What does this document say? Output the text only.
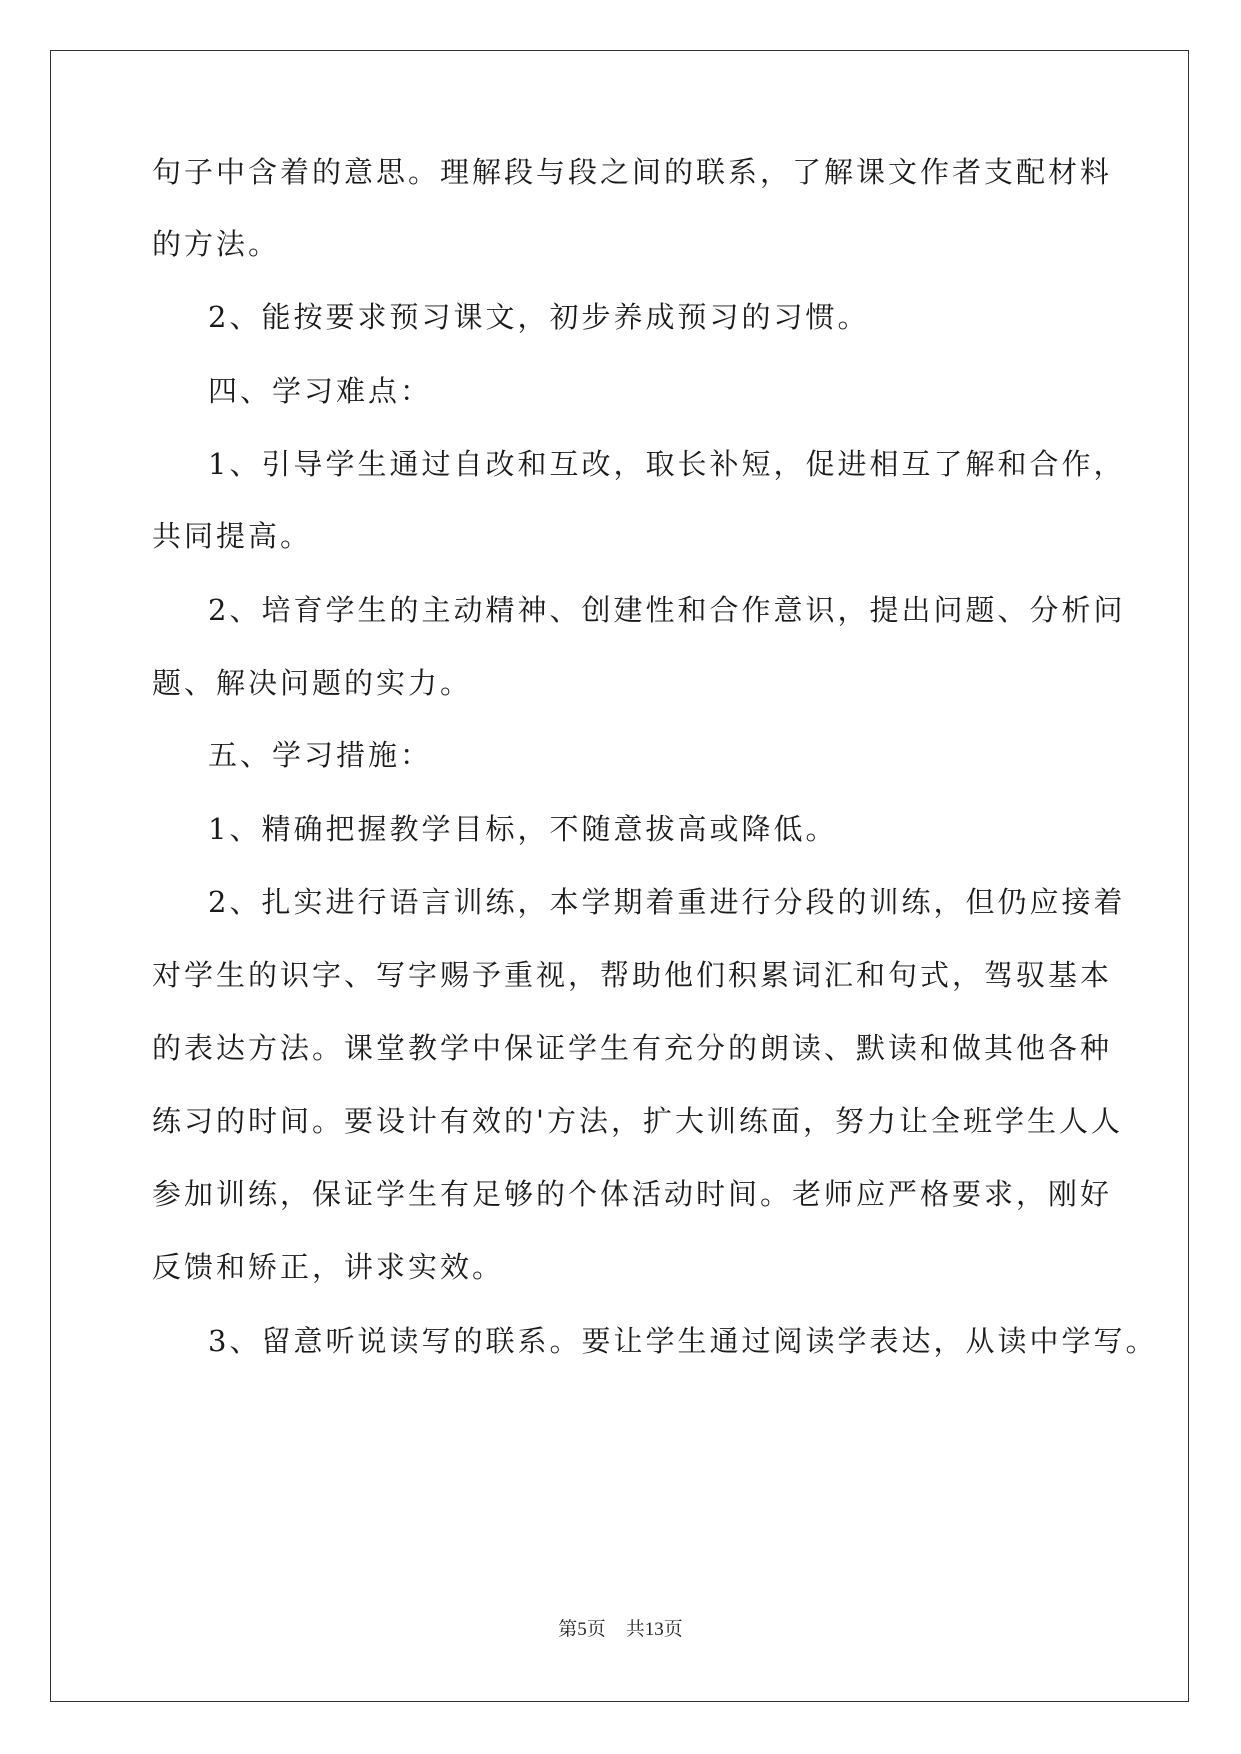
句子中含着的意思。理解段与段之间的联系，了解课文作者支配材料
的方法。
2、能按要求预习课文，初步养成预习的习惯。
四、学习难点：
1、引导学生通过自改和互改，取长补短，促进相互了解和合作，
共同提高。
2、培育学生的主动精神、创建性和合作意识，提出问题、分析问
题、解决问题的实力。
五、学习措施：
1、精确把握教学目标，不随意拔高或降低。
2、扎实进行语言训练，本学期着重进行分段的训练，但仍应接着
对学生的识字、写字赐予重视，帮助他们积累词汇和句式，驾驭基本
的表达方法。课堂教学中保证学生有充分的朗读、默读和做其他各种
练习的时间。要设计有效的'方法，扩大训练面，努力让全班学生人人
参加训练，保证学生有足够的个体活动时间。老师应严格要求，刚好
反馈和矫正，讲求实效。
3、留意听说读写的联系。要让学生通过阅读学表达，从读中学写。
第5页 共13页
